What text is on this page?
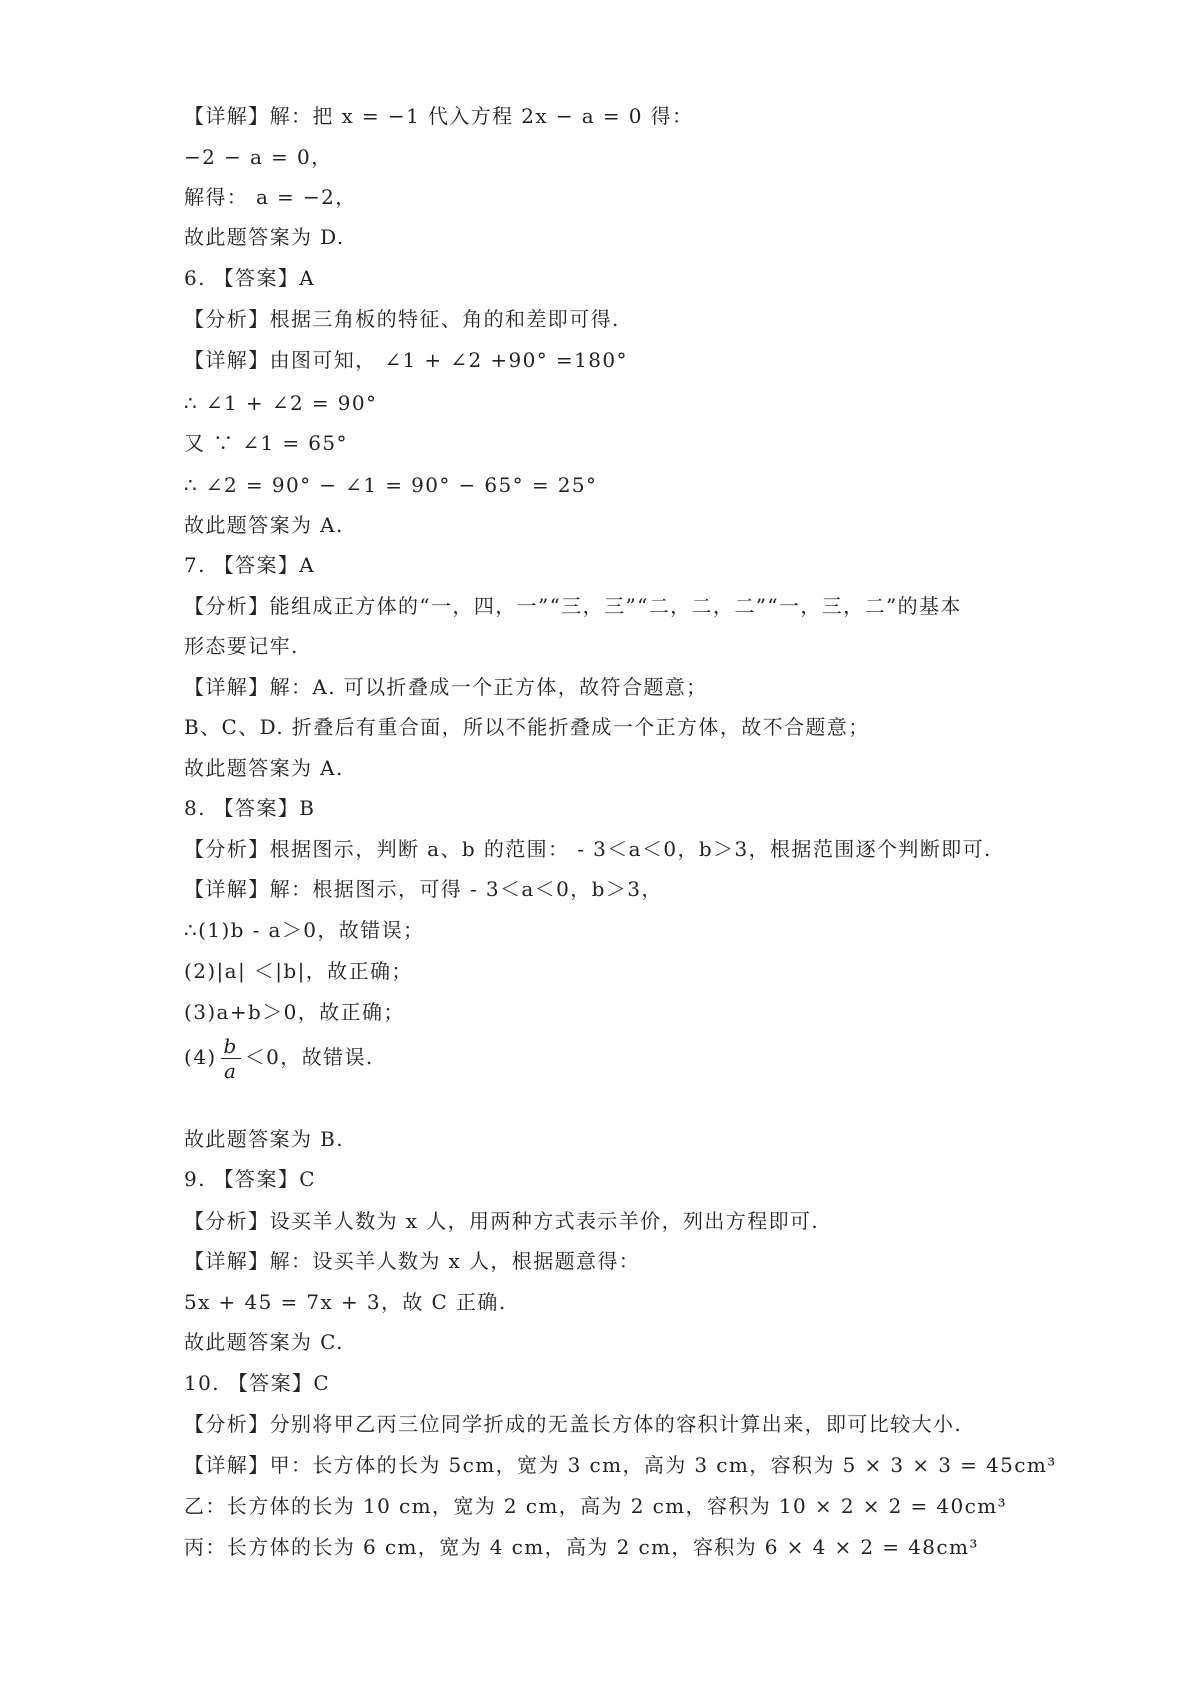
【详解】解：把 x = −1 代入方程 2x − a = 0 得：
−2 − a = 0，
解得： a = −2，
故此题答案为 D.
6. 【答案】A
【分析】根据三角板的特征、角的和差即可得.
【详解】由图可知， ∠1 + ∠2 +90° =180°
∴ ∠1 + ∠2 = 90°
又 ∵ ∠1 = 65°
∴ ∠2 = 90° − ∠1 = 90° − 65° = 25°
故此题答案为 A.
7. 【答案】A
【分析】能组成正方体的“一，四，一”“三，三”“二，二，二”“一，三，二”的基本
形态要记牢.
【详解】解：A. 可以折叠成一个正方体，故符合题意；
B、C、D. 折叠后有重合面，所以不能折叠成一个正方体，故不合题意；
故此题答案为 A.
8. 【答案】B
【分析】根据图示，判断 a、b 的范围： - 3＜a＜0，b＞3，根据范围逐个判断即可.
【详解】解：根据图示，可得 - 3＜a＜0，b＞3，
∴(1)b - a＞0，故错误；
(2)|a| ＜|b|，故正确；
(3)a+b＞0，故正确；
$(4) \frac{b}{a} <0$，故错误.
故此题答案为 B.
9. 【答案】C
【分析】设买羊人数为 x 人，用两种方式表示羊价，列出方程即可.
【详解】解：设买羊人数为 x 人，根据题意得：
5x + 45 = 7x + 3，故 C 正确.
故此题答案为 C.
10. 【答案】C
【分析】分别将甲乙丙三位同学折成的无盖长方体的容积计算出来，即可比较大小.
【详解】甲：长方体的长为 5cm，宽为 3 cm，高为 3 cm，容积为 5 × 3 × 3 = 45cm³
乙：长方体的长为 10 cm，宽为 2 cm，高为 2 cm，容积为 10 × 2 × 2 = 40cm³
丙：长方体的长为 6 cm，宽为 4 cm，高为 2 cm，容积为 6 × 4 × 2 = 48cm³
